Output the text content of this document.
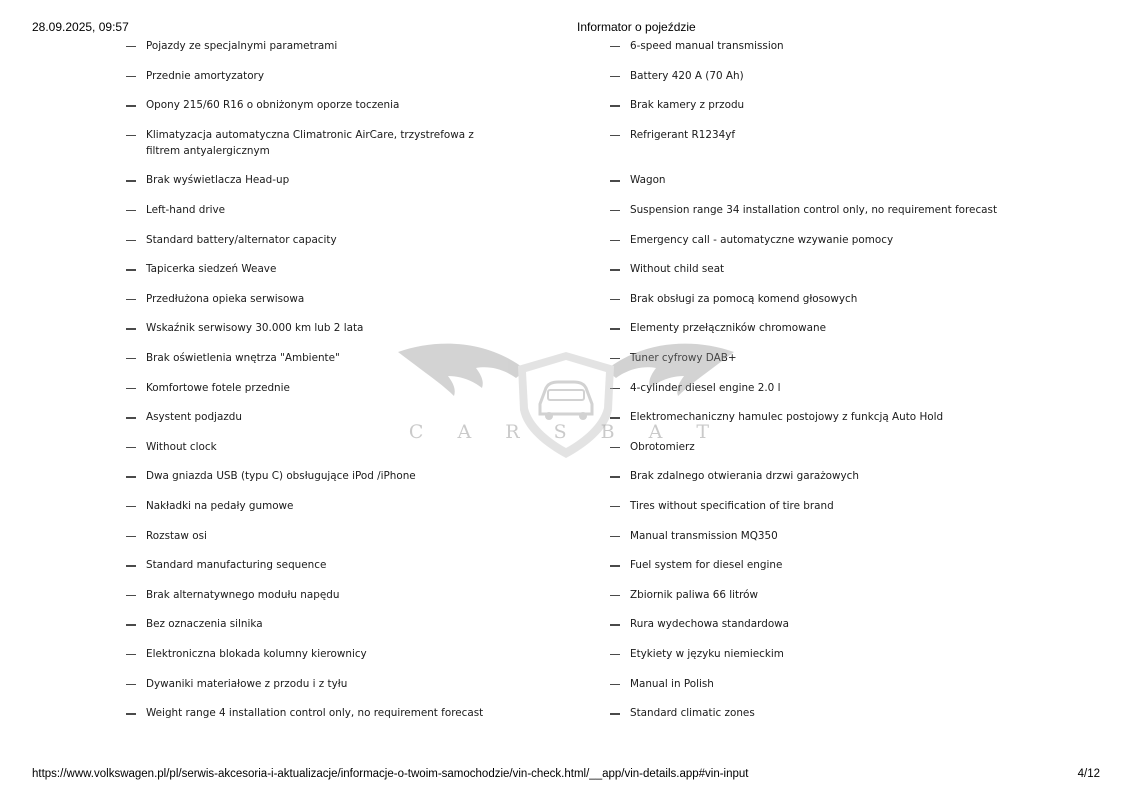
28.09.2025, 09:57	Informator o pojeździe
Pojazdy ze specjalnymi parametrami
Przednie amortyzatory
Opony 215/60 R16 o obniżonym oporze toczenia
Klimatyzacja automatyczna Climatronic AirCare, trzystrefowa z filtrem antyalergicznym
Brak wyświetlacza Head-up
Left-hand drive
Standard battery/alternator capacity
Tapicerka siedzeń Weave
Przedłużona opieka serwisowa
Wskaźnik serwisowy 30.000 km lub 2 lata
Brak oświetlenia wnętrza "Ambiente"
Komfortowe fotele przednie
Asystent podjazdu
Without clock
Dwa gniazda USB (typu C) obsługujące iPod /iPhone
Nakładki na pedały gumowe
Rozstaw osi
Standard manufacturing sequence
Brak alternatywnego modułu napędu
Bez oznaczenia silnika
Elektroniczna blokada kolumny kierownicy
Dywaniki materiałowe z przodu i z tyłu
Weight range 4 installation control only, no requirement forecast
6-speed manual transmission
Battery 420 A (70 Ah)
Brak kamery z przodu
Refrigerant R1234yf
Wagon
Suspension range 34 installation control only, no requirement forecast
Emergency call - automatyczne wzywanie pomocy
Without child seat
Brak obsługi za pomocą komend głosowych
Elementy przełączników chromowane
Tuner cyfrowy DAB+
4-cylinder diesel engine 2.0 l
Elektromechaniczny hamulec postojowy z funkcją Auto Hold
Obrotomierz
Brak zdalnego otwierania drzwi garażowych
Tires without specification of tire brand
Manual transmission MQ350
Fuel system for diesel engine
Zbiornik paliwa 66 litrów
Rura wydechowa standardowa
Etykiety w języku niemieckim
Manual in Polish
Standard climatic zones
C A R S B A T
https://www.volkswagen.pl/pl/serwis-akcesoria-i-aktualizacje/informacje-o-twoim-samochodzie/vin-check.html/__app/vin-details.app#vin-input	4/12
